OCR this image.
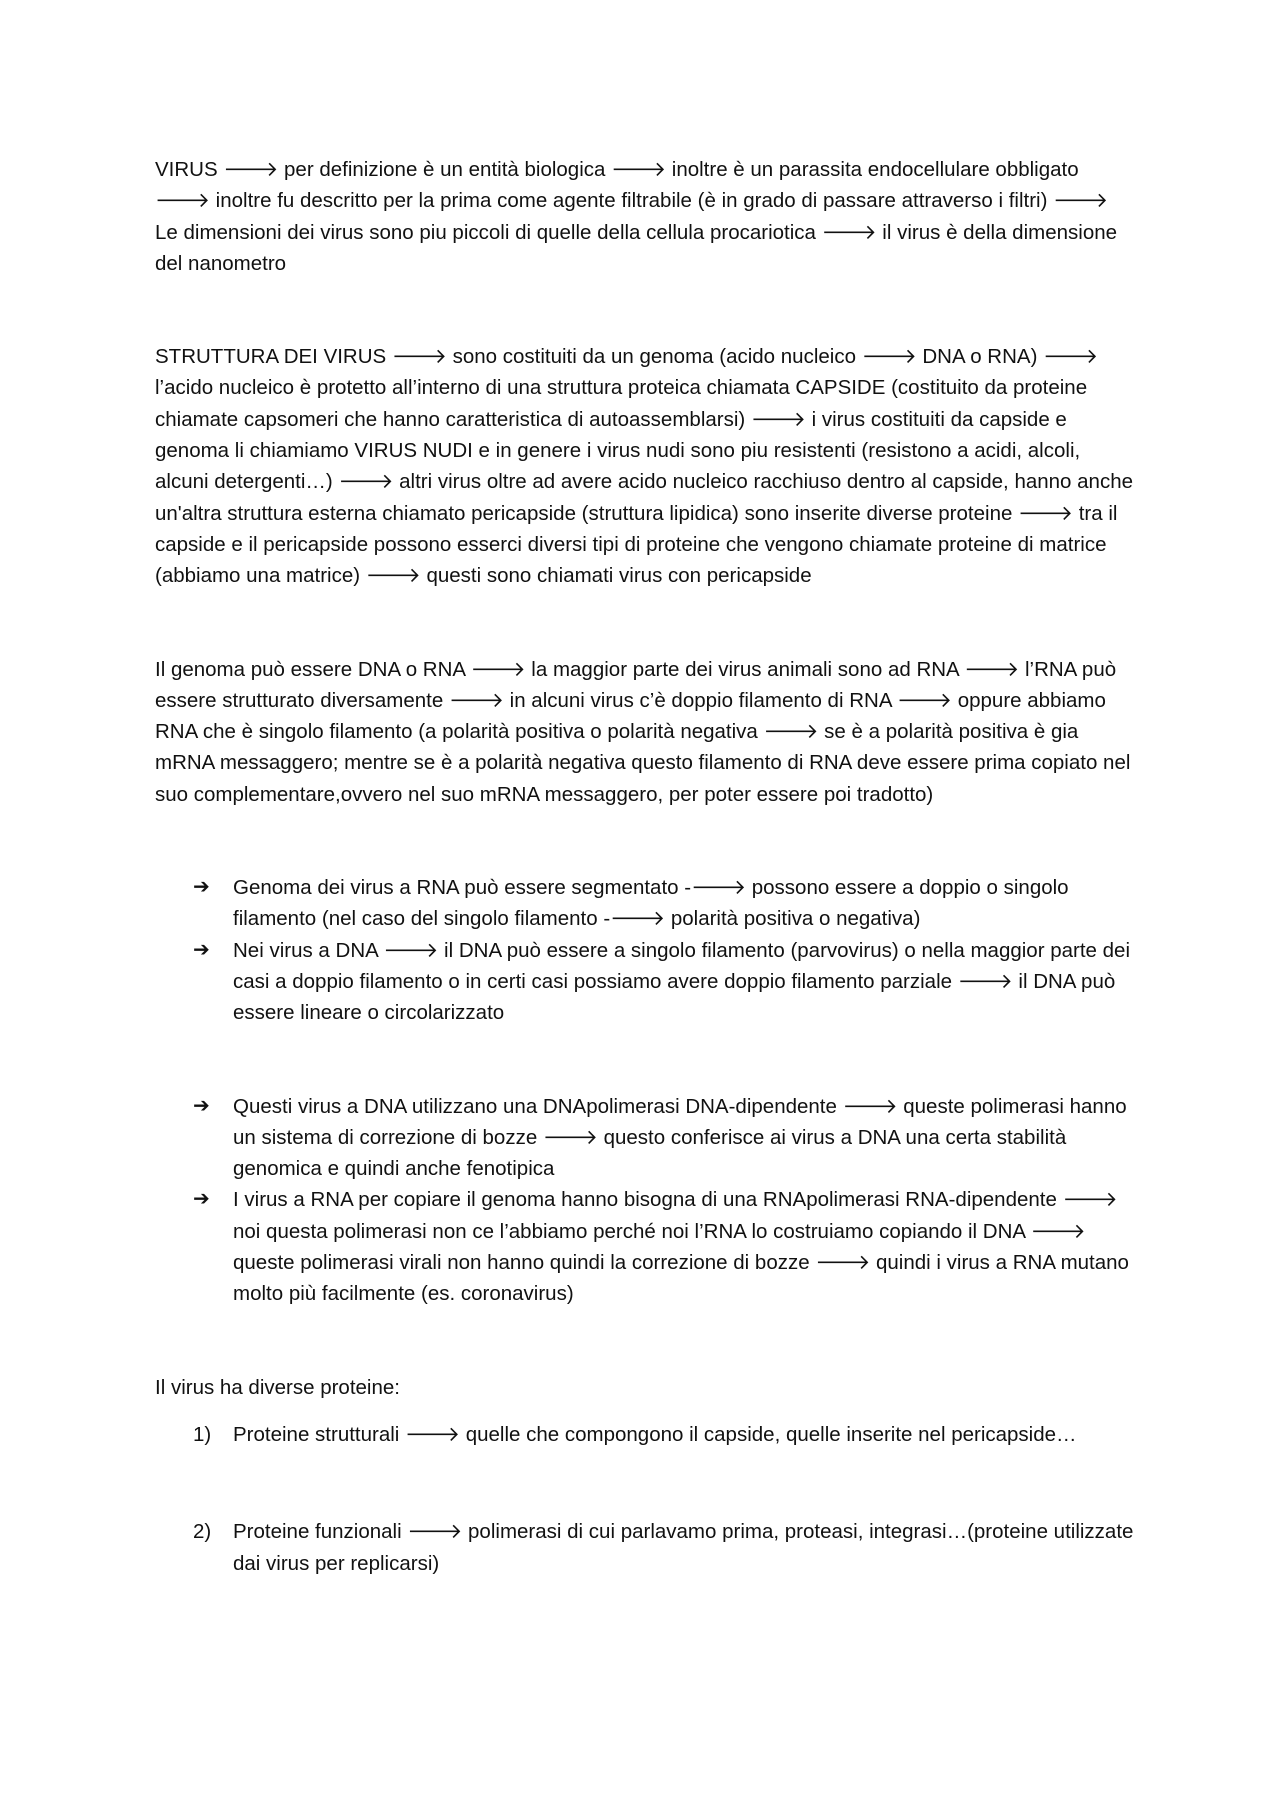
VIRUS 🡒 per definizione è un entità biologica 🡒 inoltre è un parassita endocellulare obbligato 🡒 inoltre fu descritto per la prima come agente filtrabile (è in grado di passare attraverso i filtri) 🡒 Le dimensioni dei virus sono piu piccoli di quelle della cellula procariotica 🡒 il virus è della dimensione del nanometro

STRUTTURA DEI VIRUS 🡒 sono costituiti da un genoma (acido nucleico 🡒 DNA o RNA) 🡒 l’acido nucleico è protetto all’interno di una struttura proteica chiamata CAPSIDE (costituito da proteine chiamate capsomeri che hanno caratteristica di autoassemblarsi) 🡒 i virus costituiti da capside e genoma li chiamiamo VIRUS NUDI e in genere i virus nudi sono piu resistenti (resistono a acidi, alcoli, alcuni detergenti…) 🡒 altri virus oltre ad avere acido nucleico racchiuso dentro al capside, hanno anche un'altra struttura esterna chiamato pericapside (struttura lipidica) sono inserite diverse proteine 🡒 tra il capside e il pericapside possono esserci diversi tipi di proteine che vengono chiamate proteine di matrice (abbiamo una matrice) 🡒 questi sono chiamati virus con pericapside

Il genoma può essere DNA o RNA 🡒 la maggior parte dei virus animali sono ad RNA 🡒 l’RNA può essere strutturato diversamente 🡒 in alcuni virus c’è doppio filamento di RNA 🡒 oppure abbiamo RNA che è singolo filamento (a polarità positiva o polarità negativa 🡒 se è a polarità positiva è gia mRNA messaggero; mentre se è a polarità negativa questo filamento di RNA deve essere prima copiato nel suo complementare,ovvero nel suo mRNA messaggero, per poter essere poi tradotto)

➔	Genoma dei virus a RNA può essere segmentato -🡒 possono essere a doppio o singolo filamento (nel caso del singolo filamento -🡒 polarità positiva o negativa)
➔	Nei virus a DNA 🡒 il DNA può essere a singolo filamento (parvovirus) o nella maggior parte dei casi a doppio filamento o in certi casi possiamo avere doppio filamento parziale 🡒 il DNA può essere lineare o circolarizzato
➔	Questi virus a DNA utilizzano una DNApolimerasi DNA-dipendente 🡒 queste polimerasi hanno un sistema di correzione di bozze 🡒 questo conferisce ai virus a DNA una certa stabilità genomica e quindi anche fenotipica
➔	I virus a RNA per copiare il genoma hanno bisogna di una RNApolimerasi RNA-dipendente 🡒 noi questa polimerasi non ce l’abbiamo perché noi l’RNA lo costruiamo copiando il DNA 🡒 queste polimerasi virali non hanno quindi la correzione di bozze 🡒 quindi i virus a RNA mutano molto più facilmente (es. coronavirus)

Il virus ha diverse proteine:

1) Proteine strutturali 🡒 quelle che compongono il capside, quelle inserite nel pericapside…
2) Proteine funzionali 🡒 polimerasi di cui parlavamo prima, proteasi, integrasi…(proteine utilizzate dai virus per replicarsi)
